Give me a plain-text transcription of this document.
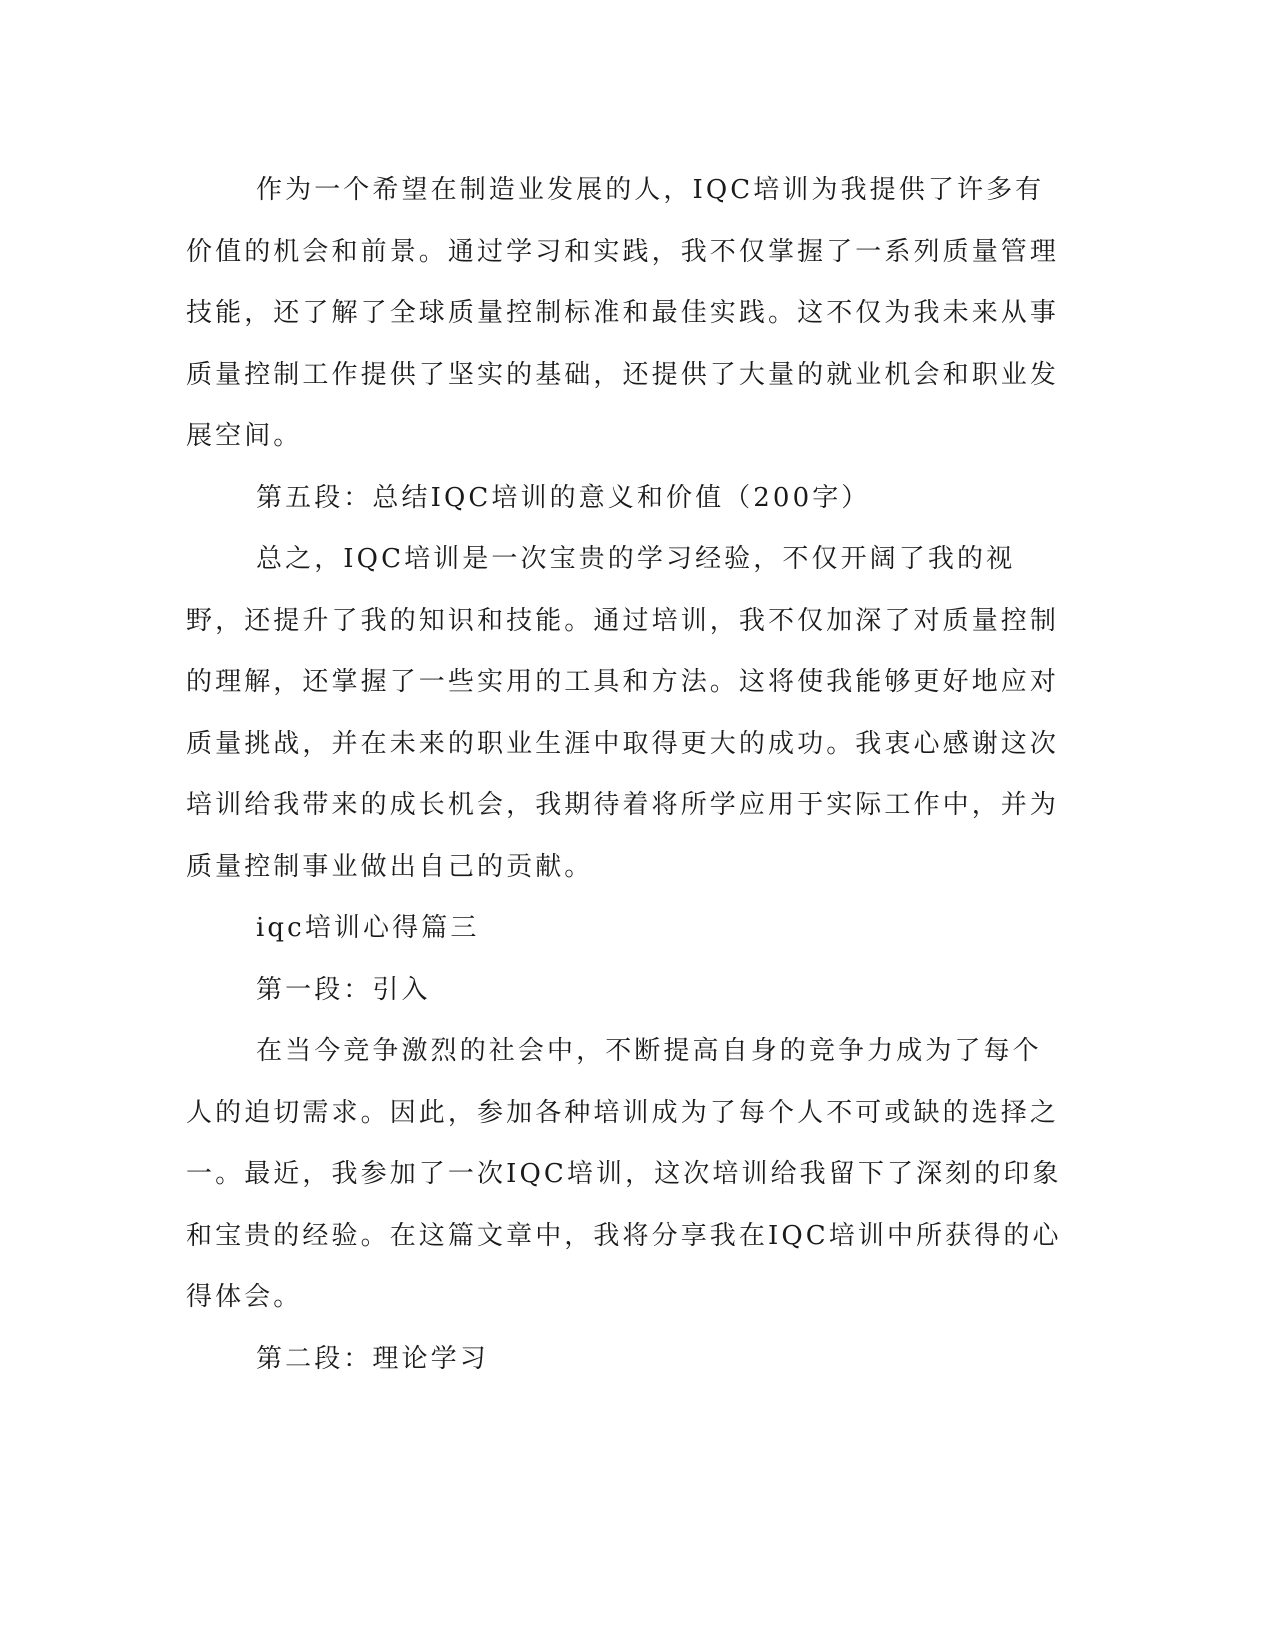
作为一个希望在制造业发展的人，IQC培训为我提供了许多有价值的机会和前景。通过学习和实践，我不仅掌握了一系列质量管理技能，还了解了全球质量控制标准和最佳实践。这不仅为我未来从事质量控制工作提供了坚实的基础，还提供了大量的就业机会和职业发展空间。

第五段：总结IQC培训的意义和价值（200字）

总之，IQC培训是一次宝贵的学习经验，不仅开阔了我的视野，还提升了我的知识和技能。通过培训，我不仅加深了对质量控制的理解，还掌握了一些实用的工具和方法。这将使我能够更好地应对质量挑战，并在未来的职业生涯中取得更大的成功。我衷心感谢这次培训给我带来的成长机会，我期待着将所学应用于实际工作中，并为质量控制事业做出自己的贡献。

iqc培训心得篇三

第一段：引入

在当今竞争激烈的社会中，不断提高自身的竞争力成为了每个人的迫切需求。因此，参加各种培训成为了每个人不可或缺的选择之一。最近，我参加了一次IQC培训，这次培训给我留下了深刻的印象和宝贵的经验。在这篇文章中，我将分享我在IQC培训中所获得的心得体会。

第二段：理论学习
